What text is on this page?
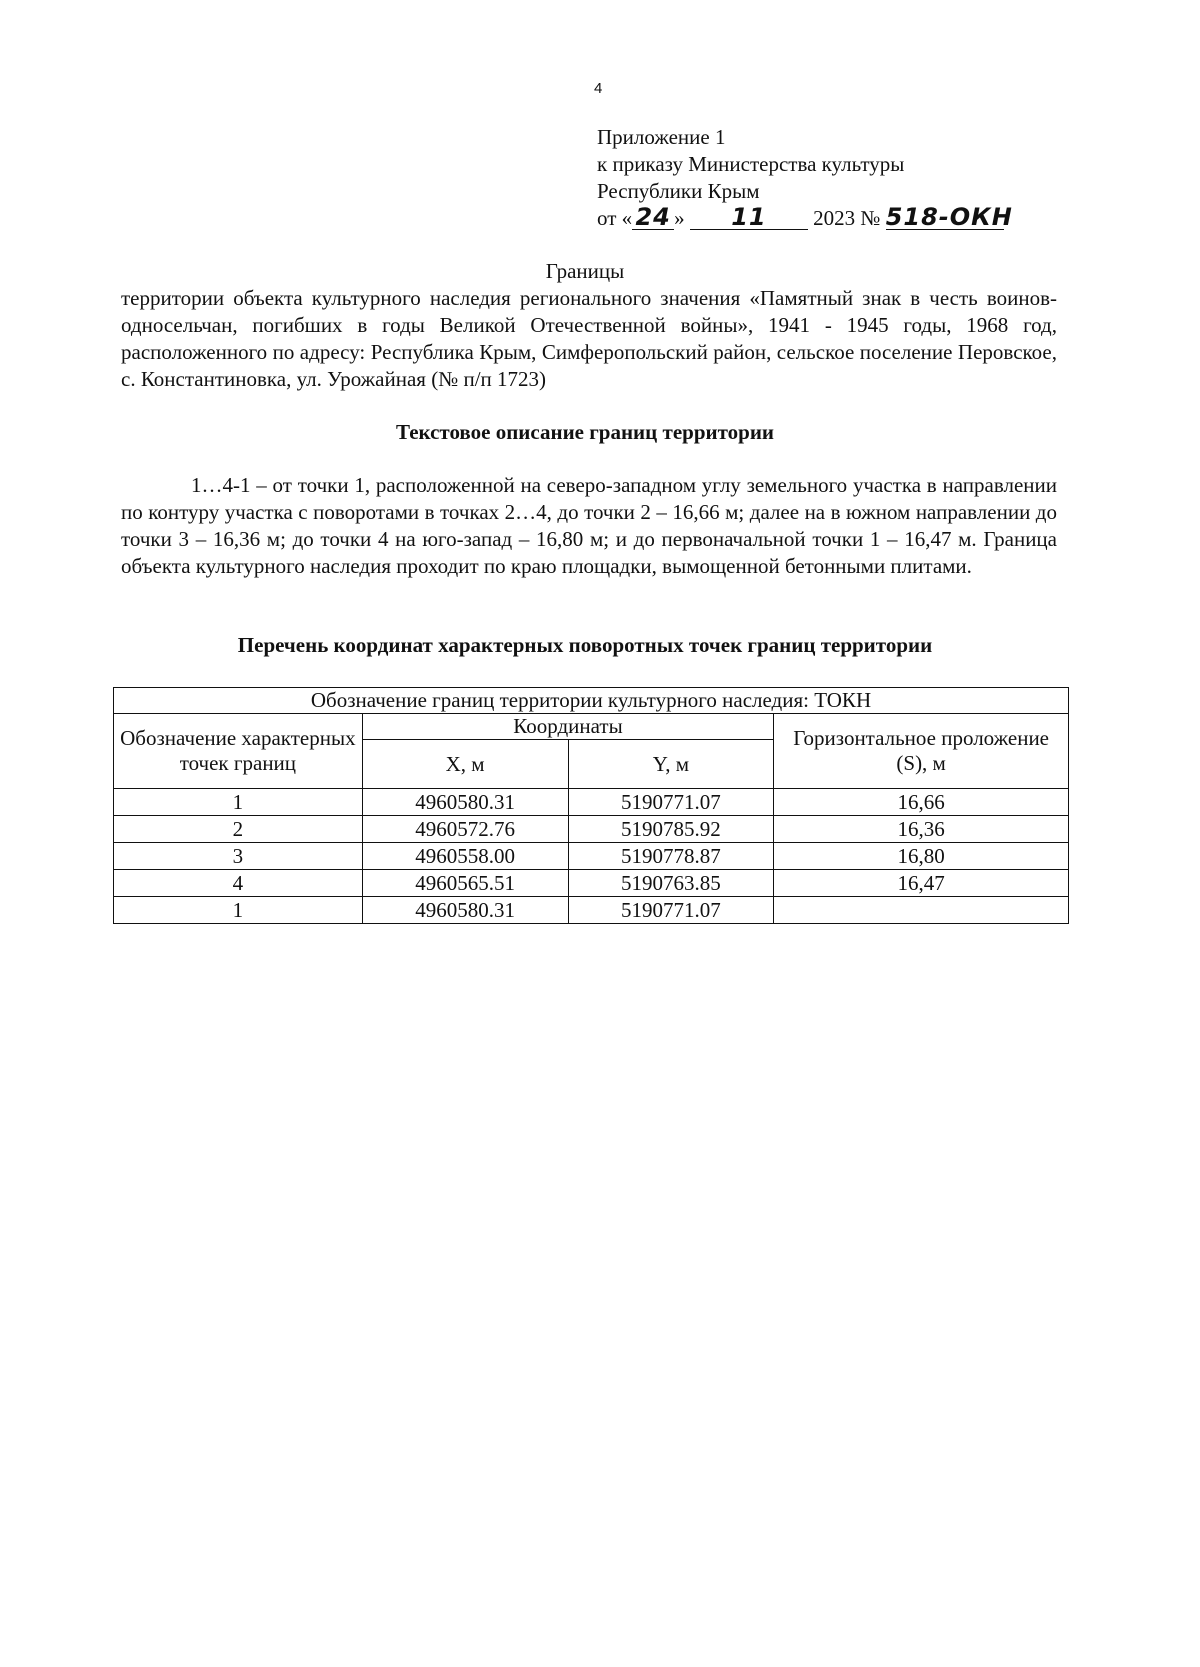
4
Приложение 1
к приказу Министерства культуры
Республики Крым
от « 24 » 11 2023 № 518-ОКН
Границы
территории объекта культурного наследия регионального значения «Памятный знак в честь воинов-односельчан, погибших в годы Великой Отечественной войны», 1941 - 1945 годы, 1968 год, расположенного по адресу: Республика Крым, Симферопольский район, сельское поселение Перовское, с. Константиновка, ул. Урожайная (№ п/п 1723)
Текстовое описание границ территории
1…4-1 – от точки 1, расположенной на северо-западном углу земельного участка в направлении по контуру участка с поворотами в точках 2…4, до точки 2 – 16,66 м; далее на в южном направлении до точки 3 – 16,36 м; до точки 4 на юго-запад – 16,80 м; и до первоначальной точки 1 – 16,47 м. Граница объекта культурного наследия проходит по краю площадки, вымощенной бетонными плитами.
Перечень координат характерных поворотных точек границ территории
Обозначение границ территории культурного наследия: ТОКН			
Обозначение характерных точек границ	Координаты		Горизонтальное проложение (S), м
	X, м	Y, м	
1	4960580.31	5190771.07	16,66
2	4960572.76	5190785.92	16,36
3	4960558.00	5190778.87	16,80
4	4960565.51	5190763.85	16,47
1	4960580.31	5190771.07	
